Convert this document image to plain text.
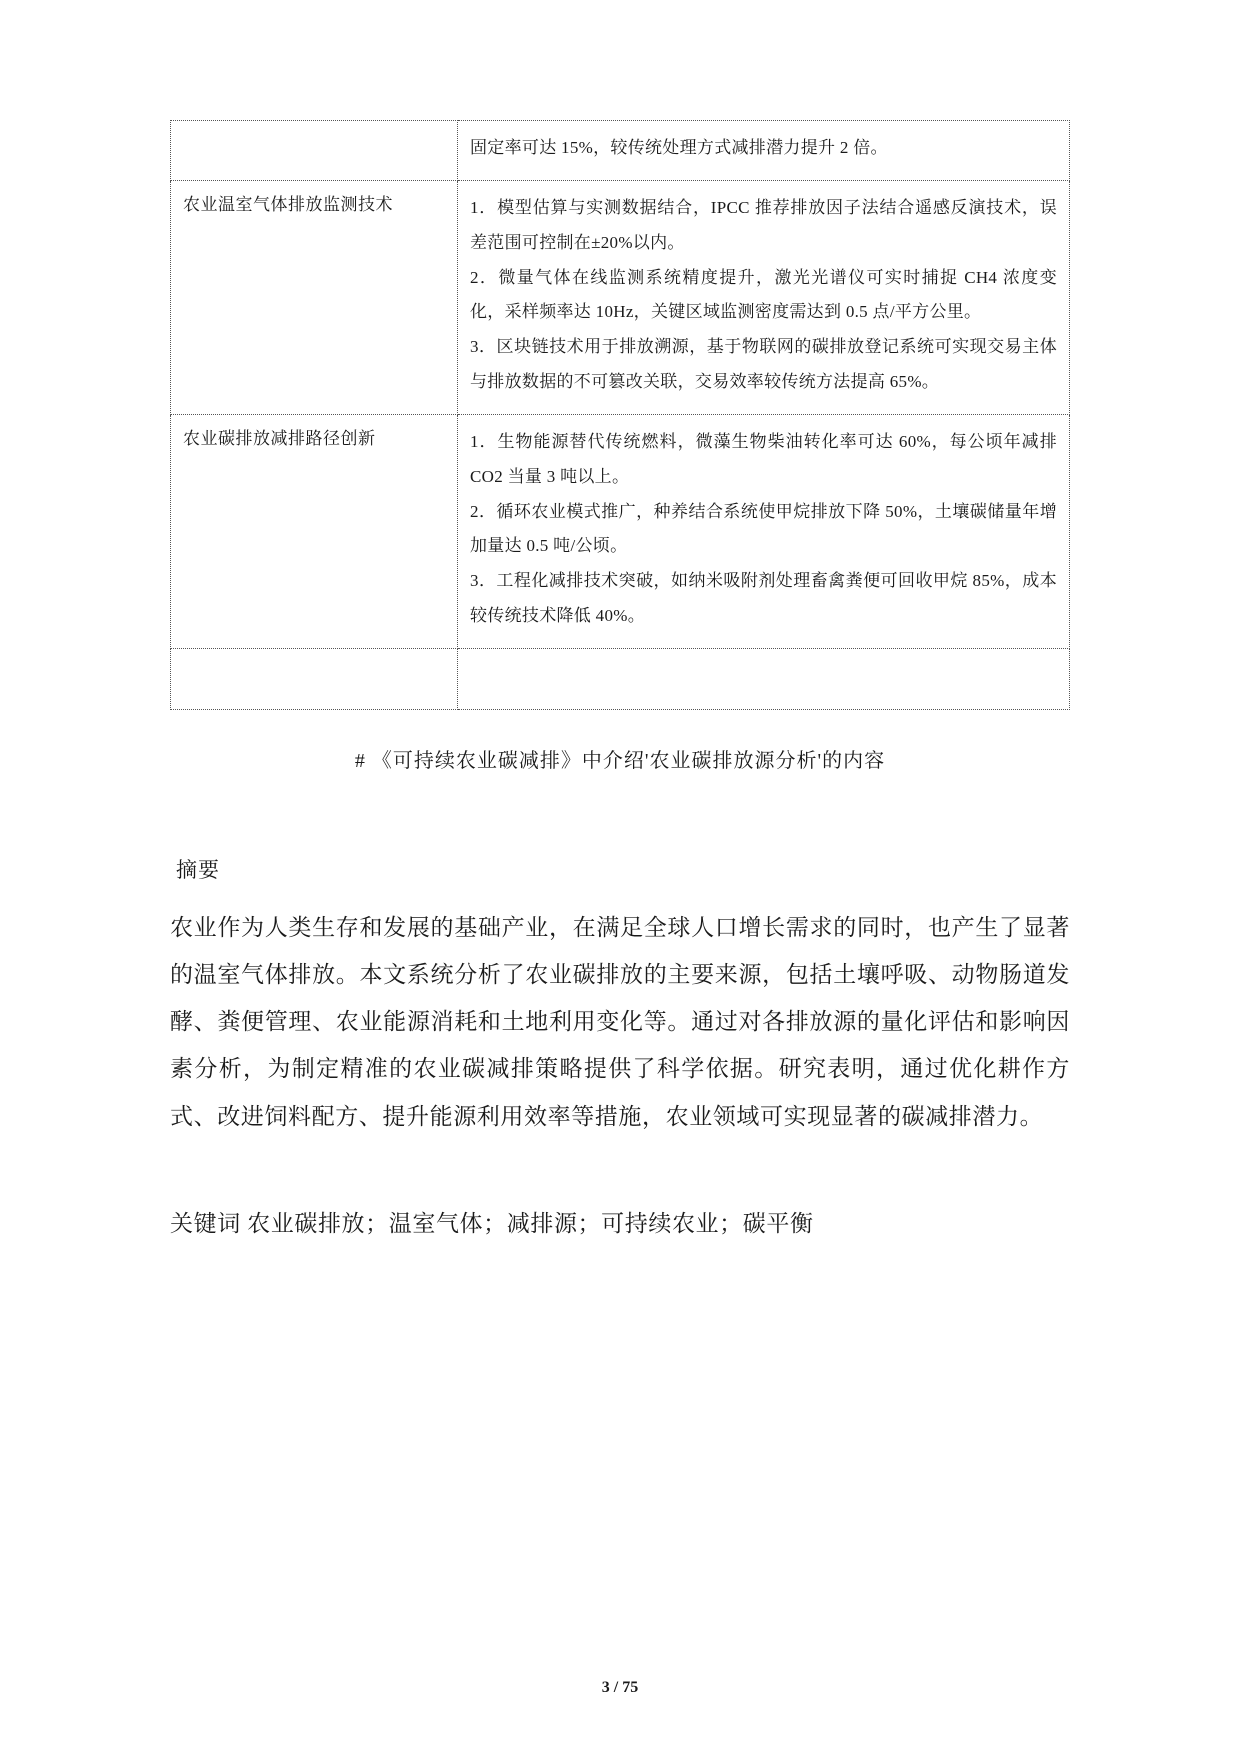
	固定率可达 15%，较传统处理方式减排潜力提升 2 倍。

农业温室气体排放监测技术	1．模型估算与实测数据结合，IPCC 推荐排放因子法结合遥感反演技术，误差范围可控制在±20%以内。

2．微量气体在线监测系统精度提升，激光光谱仪可实时捕捉 CH4 浓度变化，采样频率达 10Hz，关键区域监测密度需达到 0.5 点/平方公里。

3．区块链技术用于排放溯源，基于物联网的碳排放登记系统可实现交易主体与排放数据的不可篡改关联，交易效率较传统方法提高 65%。

农业碳排放减排路径创新	1．生物能源替代传统燃料，微藻生物柴油转化率可达 60%，每公顷年减排 CO2 当量 3 吨以上。

2．循环农业模式推广，种养结合系统使甲烷排放下降 50%，土壤碳储量年增加量达 0.5 吨/公顷。

3．工程化减排技术突破，如纳米吸附剂处理畜禽粪便可回收甲烷 85%，成本较传统技术降低 40%。

# 《可持续农业碳减排》中介绍'农业碳排放源分析'的内容
摘要
农业作为人类生存和发展的基础产业，在满足全球人口增长需求的同时，也产生了显著的温室气体排放。本文系统分析了农业碳排放的主要来源，包括土壤呼吸、动物肠道发酵、粪便管理、农业能源消耗和土地利用变化等。通过对各排放源的量化评估和影响因素分析，为制定精准的农业碳减排策略提供了科学依据。研究表明，通过优化耕作方式、改进饲料配方、提升能源利用效率等措施，农业领域可实现显著的碳减排潜力。
关键词 农业碳排放；温室气体；减排源；可持续农业；碳平衡
3 / 75
